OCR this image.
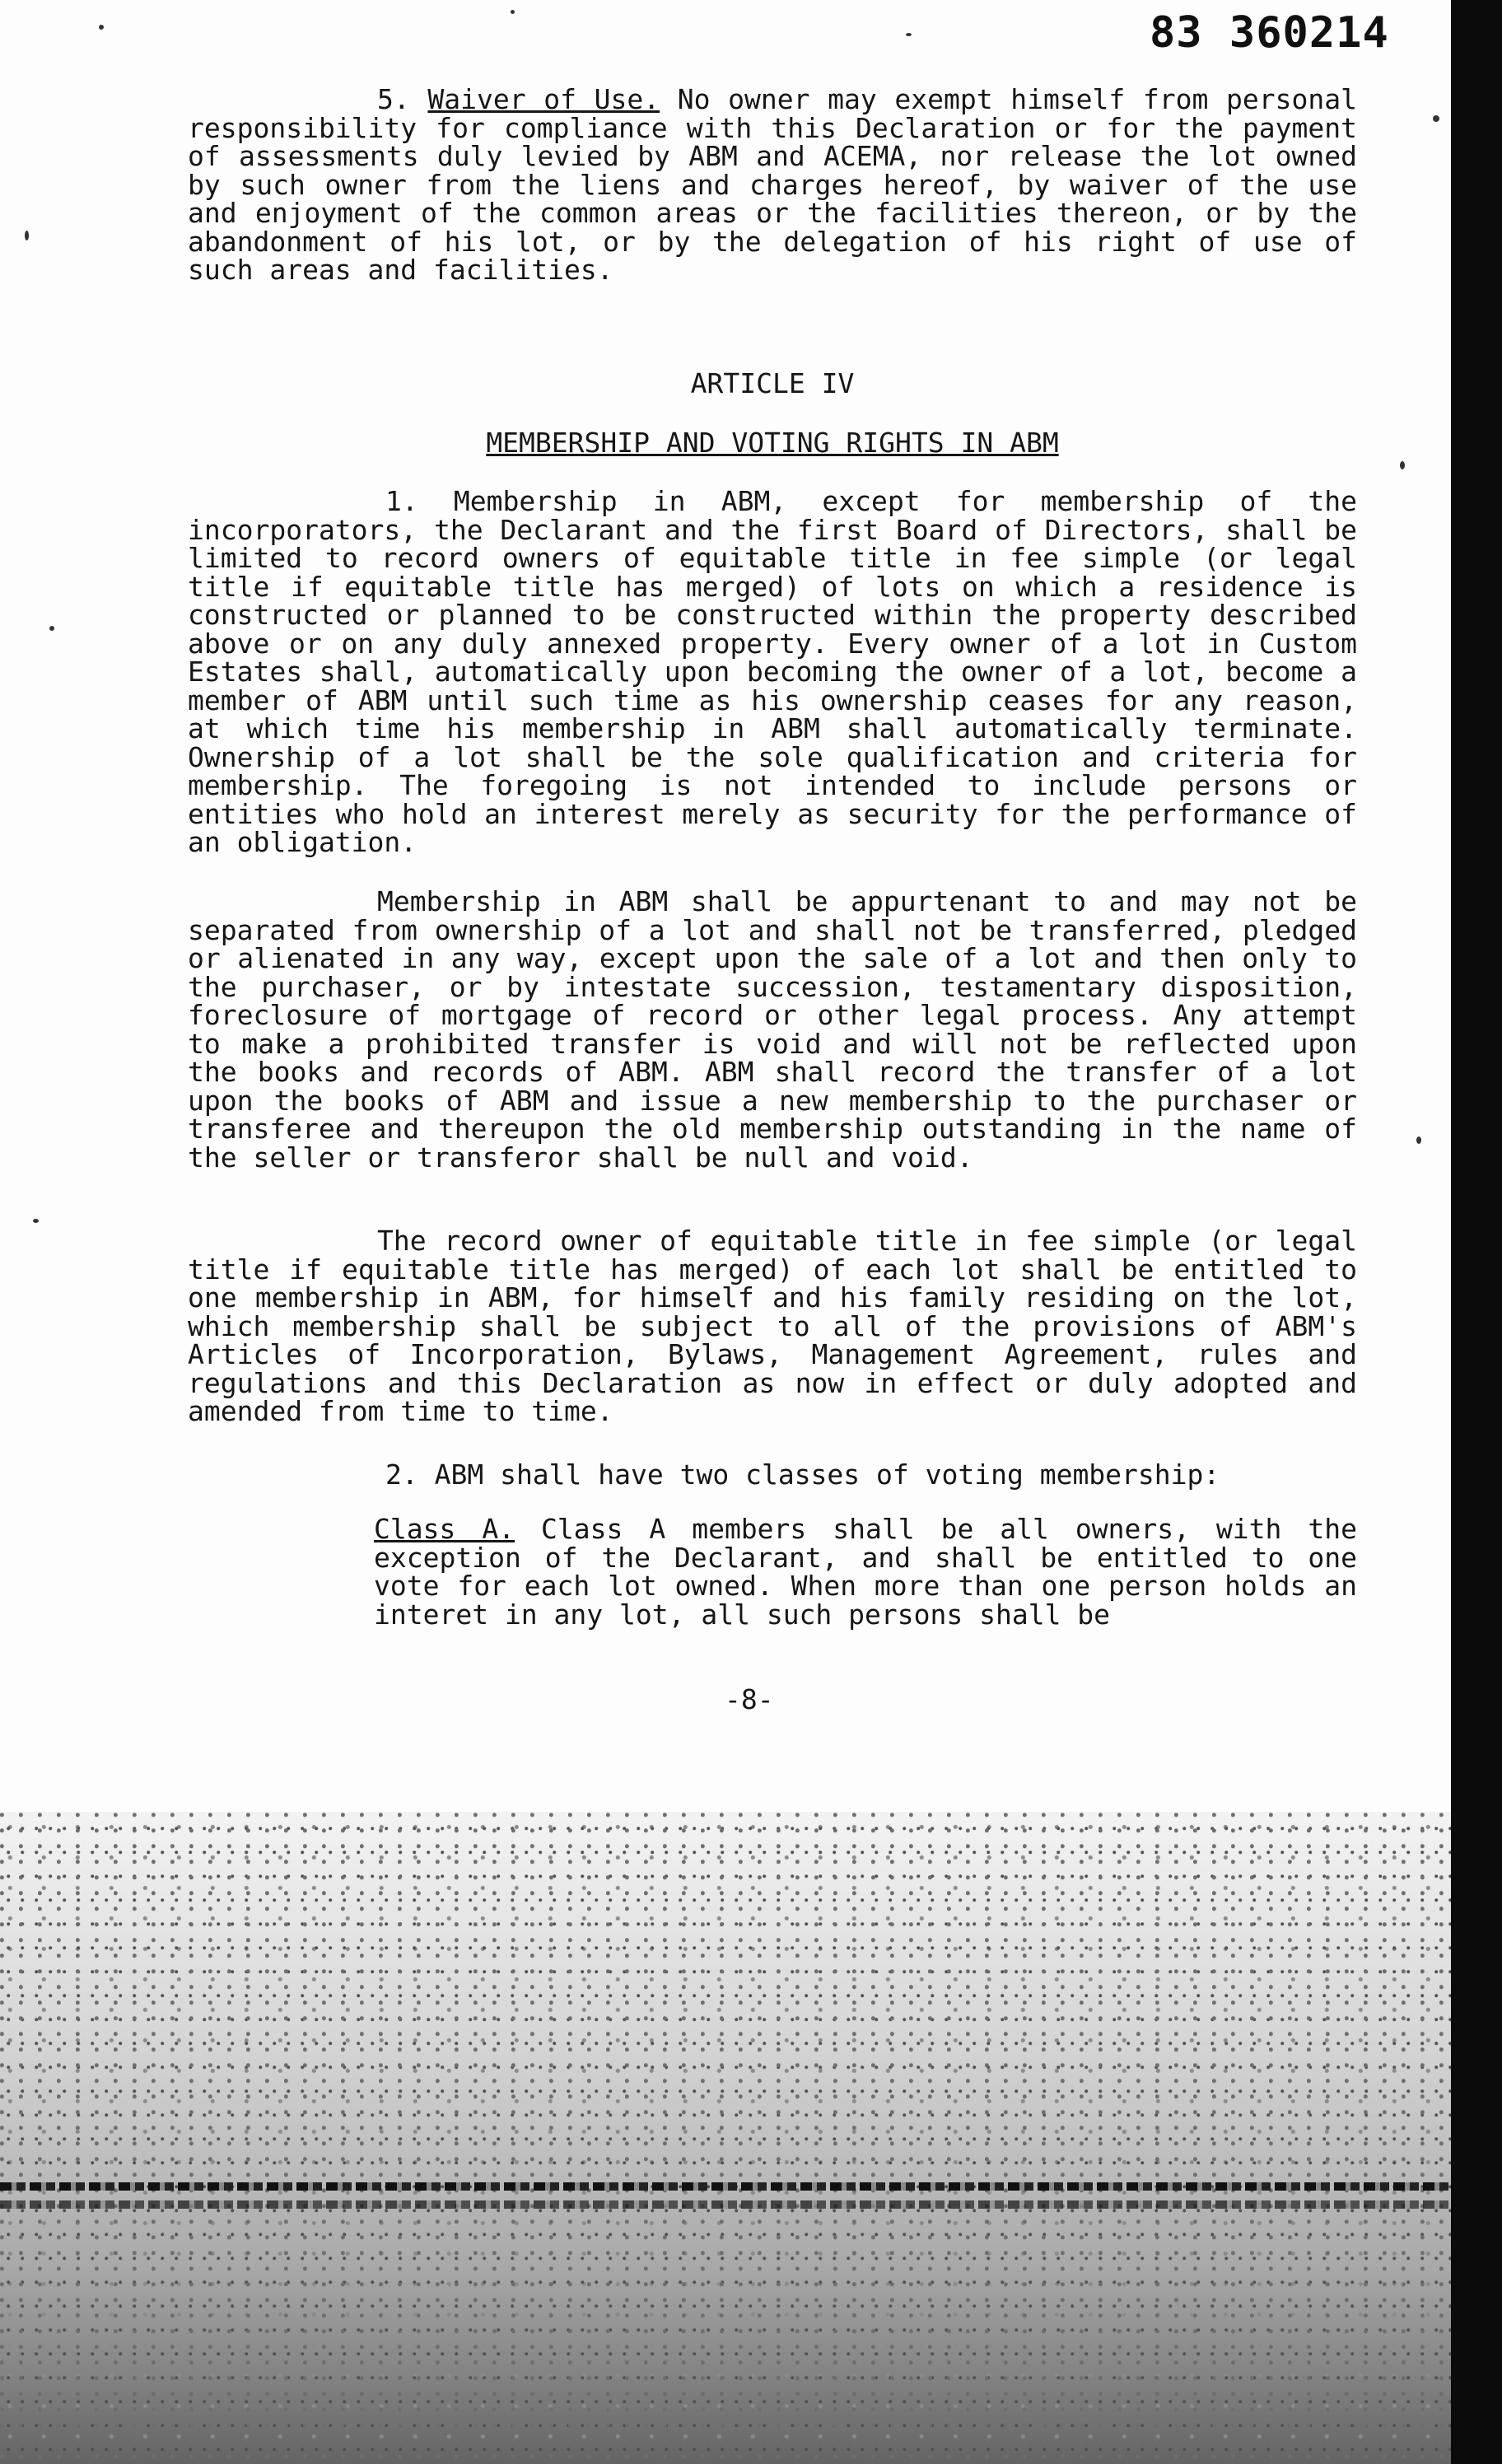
83 360214

5. Waiver of Use. No owner may exempt himself from personal responsibility for compliance with this Declaration or for the payment of assessments duly levied by ABM and ACEMA, nor release the lot owned by such owner from the liens and charges hereof, by waiver of the use and enjoyment of the common areas or the facilities thereon, or by the abandonment of his lot, or by the delegation of his right of use of such areas and facilities.

ARTICLE IV

MEMBERSHIP AND VOTING RIGHTS IN ABM

1. Membership in ABM, except for membership of the incorporators, the Declarant and the first Board of Directors, shall be limited to record owners of equitable title in fee simple (or legal title if equitable title has merged) of lots on which a residence is constructed or planned to be constructed within the property described above or on any duly annexed property. Every owner of a lot in Custom Estates shall, automatically upon becoming the owner of a lot, become a member of ABM until such time as his ownership ceases for any reason, at which time his membership in ABM shall automatically terminate. Ownership of a lot shall be the sole qualification and criteria for membership. The foregoing is not intended to include persons or entities who hold an interest merely as security for the performance of an obligation.

Membership in ABM shall be appurtenant to and may not be separated from ownership of a lot and shall not be transferred, pledged or alienated in any way, except upon the sale of a lot and then only to the purchaser, or by intestate succession, testamentary disposition, foreclosure of mortgage of record or other legal process. Any attempt to make a prohibited transfer is void and will not be reflected upon the books and records of ABM. ABM shall record the transfer of a lot upon the books of ABM and issue a new membership to the purchaser or transferee and thereupon the old membership outstanding in the name of the seller or transferor shall be null and void.

The record owner of equitable title in fee simple (or legal title if equitable title has merged) of each lot shall be entitled to one membership in ABM, for himself and his family residing on the lot, which membership shall be subject to all of the provisions of ABM's Articles of Incorporation, Bylaws, Management Agreement, rules and regulations and this Declaration as now in effect or duly adopted and amended from time to time.

2. ABM shall have two classes of voting membership:

Class A. Class A members shall be all owners, with the exception of the Declarant, and shall be entitled to one vote for each lot owned. When more than one person holds an interet in any lot, all such persons shall be

-8-
